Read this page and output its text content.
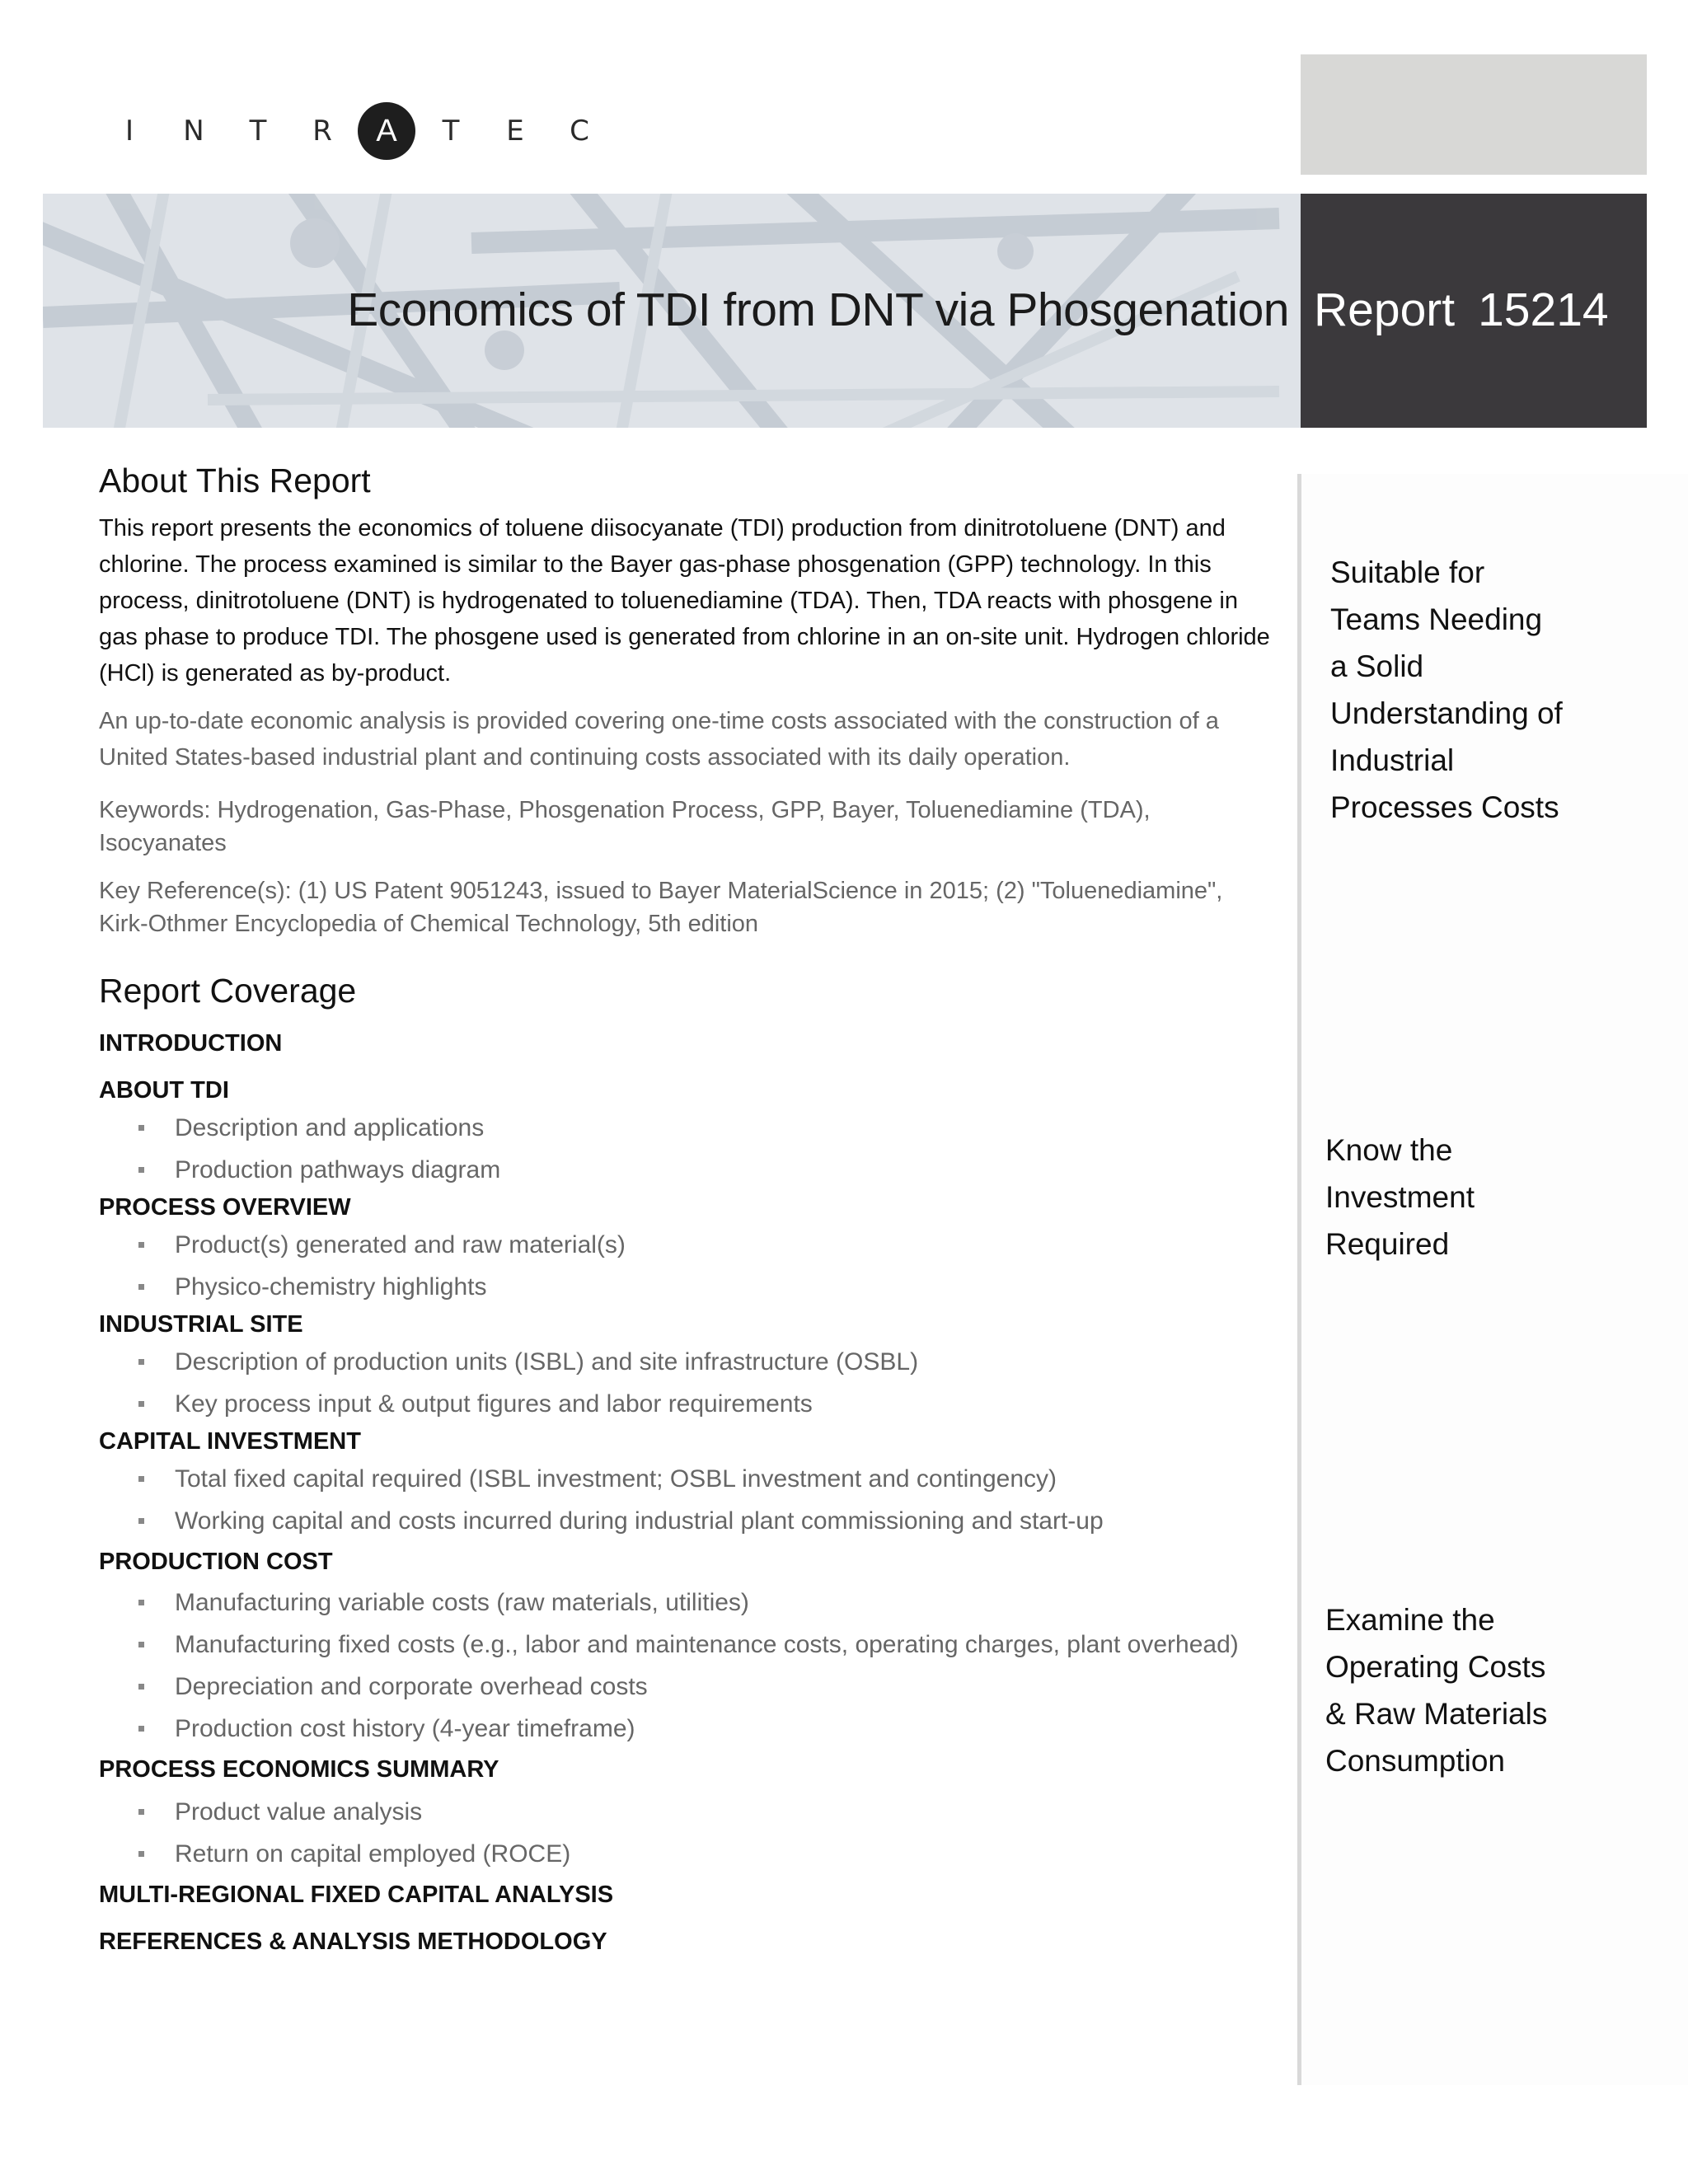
I	N	T	R	A	T	E	C
Economics of TDI from DNT via Phosgenation Report 15214
Suitable for
Teams Needing
a Solid
Understanding of
Industrial
Processes Costs
Know the
Investment
Required
Examine the
Operating Costs
& Raw Materials
Consumption
About This Report

This report presents the economics of toluene diisocyanate (TDI) production from dinitrotoluene (DNT) and chlorine. The process examined is similar to the Bayer gas-phase phosgenation (GPP) technology. In this process, dinitrotoluene (DNT) is hydrogenated to toluenediamine (TDA). Then, TDA reacts with phosgene in gas phase to produce TDI. The phosgene used is generated from chlorine in an on-site unit. Hydrogen chloride (HCl) is generated as by-product.

An up-to-date economic analysis is provided covering one-time costs associated with the construction of a United States-based industrial plant and continuing costs associated with its daily operation.

Keywords: Hydrogenation, Gas-Phase, Phosgenation Process, GPP, Bayer, Toluenediamine (TDA), Isocyanates

Key Reference(s): (1) US Patent 9051243, issued to Bayer MaterialScience in 2015; (2) "Toluenediamine", Kirk-Othmer Encyclopedia of Chemical Technology, 5th edition

Report Coverage
INTRODUCTION
ABOUT TDI
Description and applications
Production pathways diagram
PROCESS OVERVIEW
Product(s) generated and raw material(s)
Physico-chemistry highlights
INDUSTRIAL SITE
Description of production units (ISBL) and site infrastructure (OSBL)
Key process input & output figures and labor requirements
CAPITAL INVESTMENT
Total fixed capital required (ISBL investment; OSBL investment and contingency)
Working capital and costs incurred during industrial plant commissioning and start-up
PRODUCTION COST
Manufacturing variable costs (raw materials, utilities)
Manufacturing fixed costs (e.g., labor and maintenance costs, operating charges, plant overhead)
Depreciation and corporate overhead costs
Production cost history (4-year timeframe)
PROCESS ECONOMICS SUMMARY
Product value analysis
Return on capital employed (ROCE)
MULTI-REGIONAL FIXED CAPITAL ANALYSIS
REFERENCES & ANALYSIS METHODOLOGY
